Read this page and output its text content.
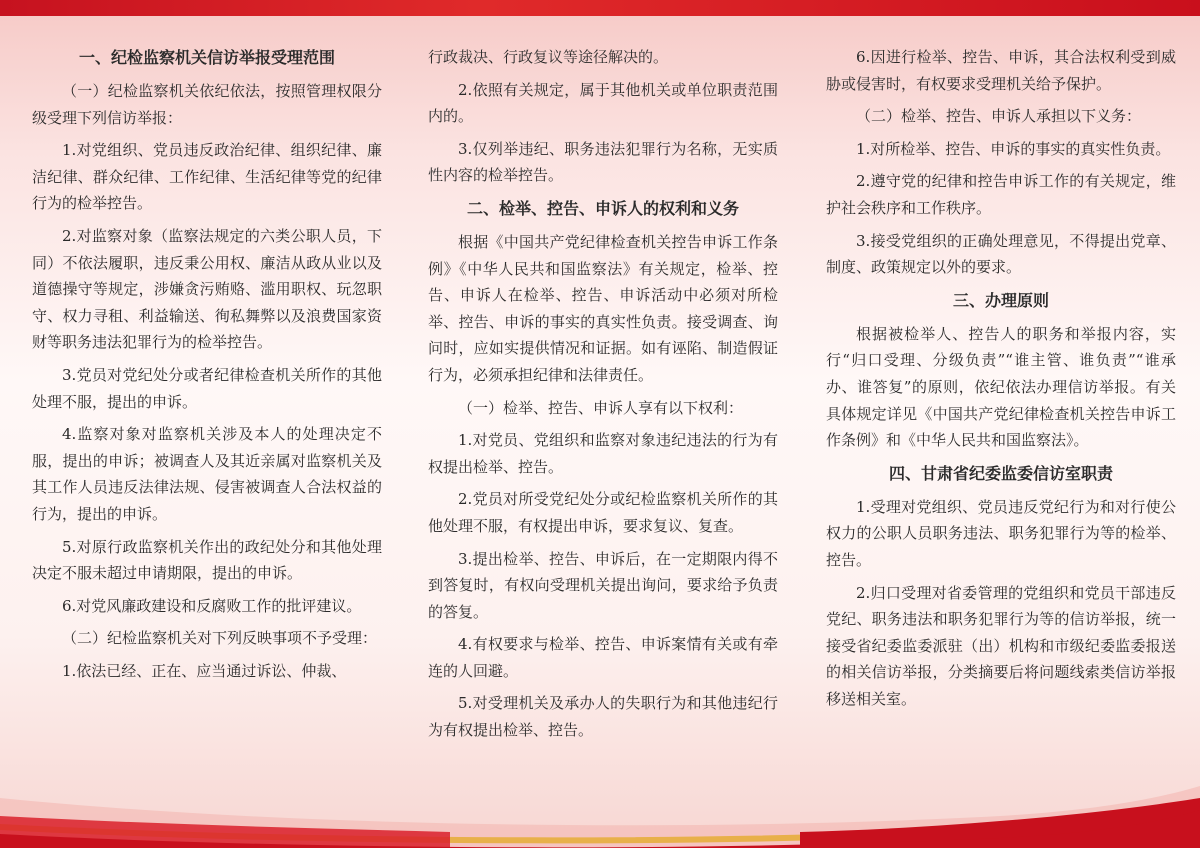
一、纪检监察机关信访举报受理范围

（一）纪检监察机关依纪依法，按照管理权限分级受理下列信访举报：

1.对党组织、党员违反政治纪律、组织纪律、廉洁纪律、群众纪律、工作纪律、生活纪律等党的纪律行为的检举控告。

2.对监察对象（监察法规定的六类公职人员，下同）不依法履职，违反秉公用权、廉洁从政从业以及道德操守等规定，涉嫌贪污贿赂、滥用职权、玩忽职守、权力寻租、利益输送、徇私舞弊以及浪费国家资财等职务违法犯罪行为的检举控告。

3.党员对党纪处分或者纪律检查机关所作的其他处理不服，提出的申诉。

4.监察对象对监察机关涉及本人的处理决定不服，提出的申诉；被调查人及其近亲属对监察机关及其工作人员违反法律法规、侵害被调查人合法权益的行为，提出的申诉。

5.对原行政监察机关作出的政纪处分和其他处理决定不服未超过申请期限，提出的申诉。

6.对党风廉政建设和反腐败工作的批评建议。

（二）纪检监察机关对下列反映事项不予受理：

1.依法已经、正在、应当通过诉讼、仲裁、

行政裁决、行政复议等途径解决的。

2.依照有关规定，属于其他机关或单位职责范围内的。

3.仅列举违纪、职务违法犯罪行为名称，无实质性内容的检举控告。

二、检举、控告、申诉人的权利和义务

根据《中国共产党纪律检查机关控告申诉工作条例》《中华人民共和国监察法》有关规定，检举、控告、申诉人在检举、控告、申诉活动中必须对所检举、控告、申诉的事实的真实性负责。接受调查、询问时，应如实提供情况和证据。如有诬陷、制造假证行为，必须承担纪律和法律责任。

（一）检举、控告、申诉人享有以下权利：

1.对党员、党组织和监察对象违纪违法的行为有权提出检举、控告。

2.党员对所受党纪处分或纪检监察机关所作的其他处理不服，有权提出申诉，要求复议、复查。

3.提出检举、控告、申诉后，在一定期限内得不到答复时，有权向受理机关提出询问，要求给予负责的答复。

4.有权要求与检举、控告、申诉案情有关或有牵连的人回避。

5.对受理机关及承办人的失职行为和其他违纪行为有权提出检举、控告。

6.因进行检举、控告、申诉，其合法权利受到威胁或侵害时，有权要求受理机关给予保护。

（二）检举、控告、申诉人承担以下义务：

1.对所检举、控告、申诉的事实的真实性负责。

2.遵守党的纪律和控告申诉工作的有关规定，维护社会秩序和工作秩序。

3.接受党组织的正确处理意见，不得提出党章、制度、政策规定以外的要求。

三、办理原则

根据被检举人、控告人的职务和举报内容，实行“归口受理、分级负责”“谁主管、谁负责”“谁承办、谁答复”的原则，依纪依法办理信访举报。有关具体规定详见《中国共产党纪律检查机关控告申诉工作条例》和《中华人民共和国监察法》。

四、甘肃省纪委监委信访室职责

1.受理对党组织、党员违反党纪行为和对行使公权力的公职人员职务违法、职务犯罪行为等的检举、控告。

2.归口受理对省委管理的党组织和党员干部违反党纪、职务违法和职务犯罪行为等的信访举报，统一接受省纪委监委派驻（出）机构和市级纪委监委报送的相关信访举报，分类摘要后将问题线索类信访举报移送相关室。
